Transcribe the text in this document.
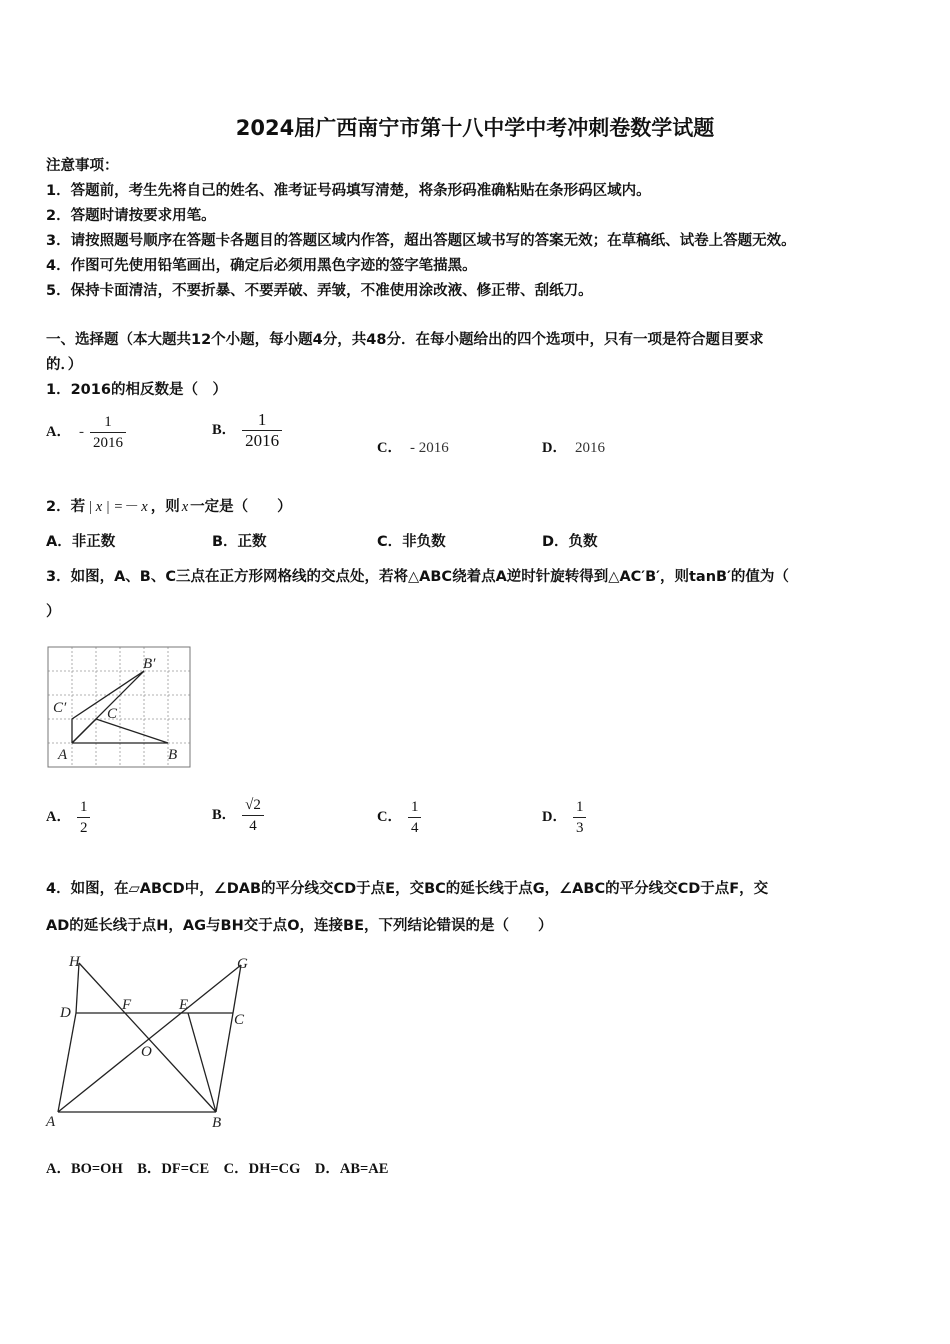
2024届广西南宁市第十八中学中考冲刺卷数学试题
注意事项：
1．答题前，考生先将自己的姓名、准考证号码填写清楚，将条形码准确粘贴在条形码区域内。
2．答题时请按要求用笔。
3．请按照题号顺序在答题卡各题目的答题区域内作答，超出答题区域书写的答案无效；在草稿纸、试卷上答题无效。
4．作图可先使用铅笔画出，确定后必须用黑色字迹的签字笔描黑。
5．保持卡面清洁，不要折暴、不要弄破、弄皱，不准使用涂改液、修正带、刮纸刀。
一、选择题（本大题共12个小题，每小题4分，共48分．在每小题给出的四个选项中，只有一项是符合题目要求
的．）
1．2016的相反数是（　）
A． - $\frac{1}{2016}$	B． $\frac{1}{2016}$	C． - 2016	D． 2016
2．若 | x | =－ x ，则 x 一定是（　　）
A．非正数	B．正数	C．非负数	D．负数
3．如图，A、B、C三点在正方形网格线的交点处，若将△ABC绕着点A逆时针旋转得到△AC′B′，则tanB′的值为（
）
B′
C′	C
A	B
A． $\frac{1}{2}$	B． $\frac{√2}{4}$	C． $\frac{1}{4}$	D． $\frac{1}{3}$
4．如图，在▱ABCD中，∠DAB的平分线交CD于点E，交BC的延长线于点G，∠ABC的平分线交CD于点F，交
AD的延长线于点H，AG与BH交于点O，连接BE，下列结论错误的是（　　）
H	G
D	F	E
C
O
A	B
A．BO=OH　B．DF=CE　C．DH=CG　D．AB=AE
